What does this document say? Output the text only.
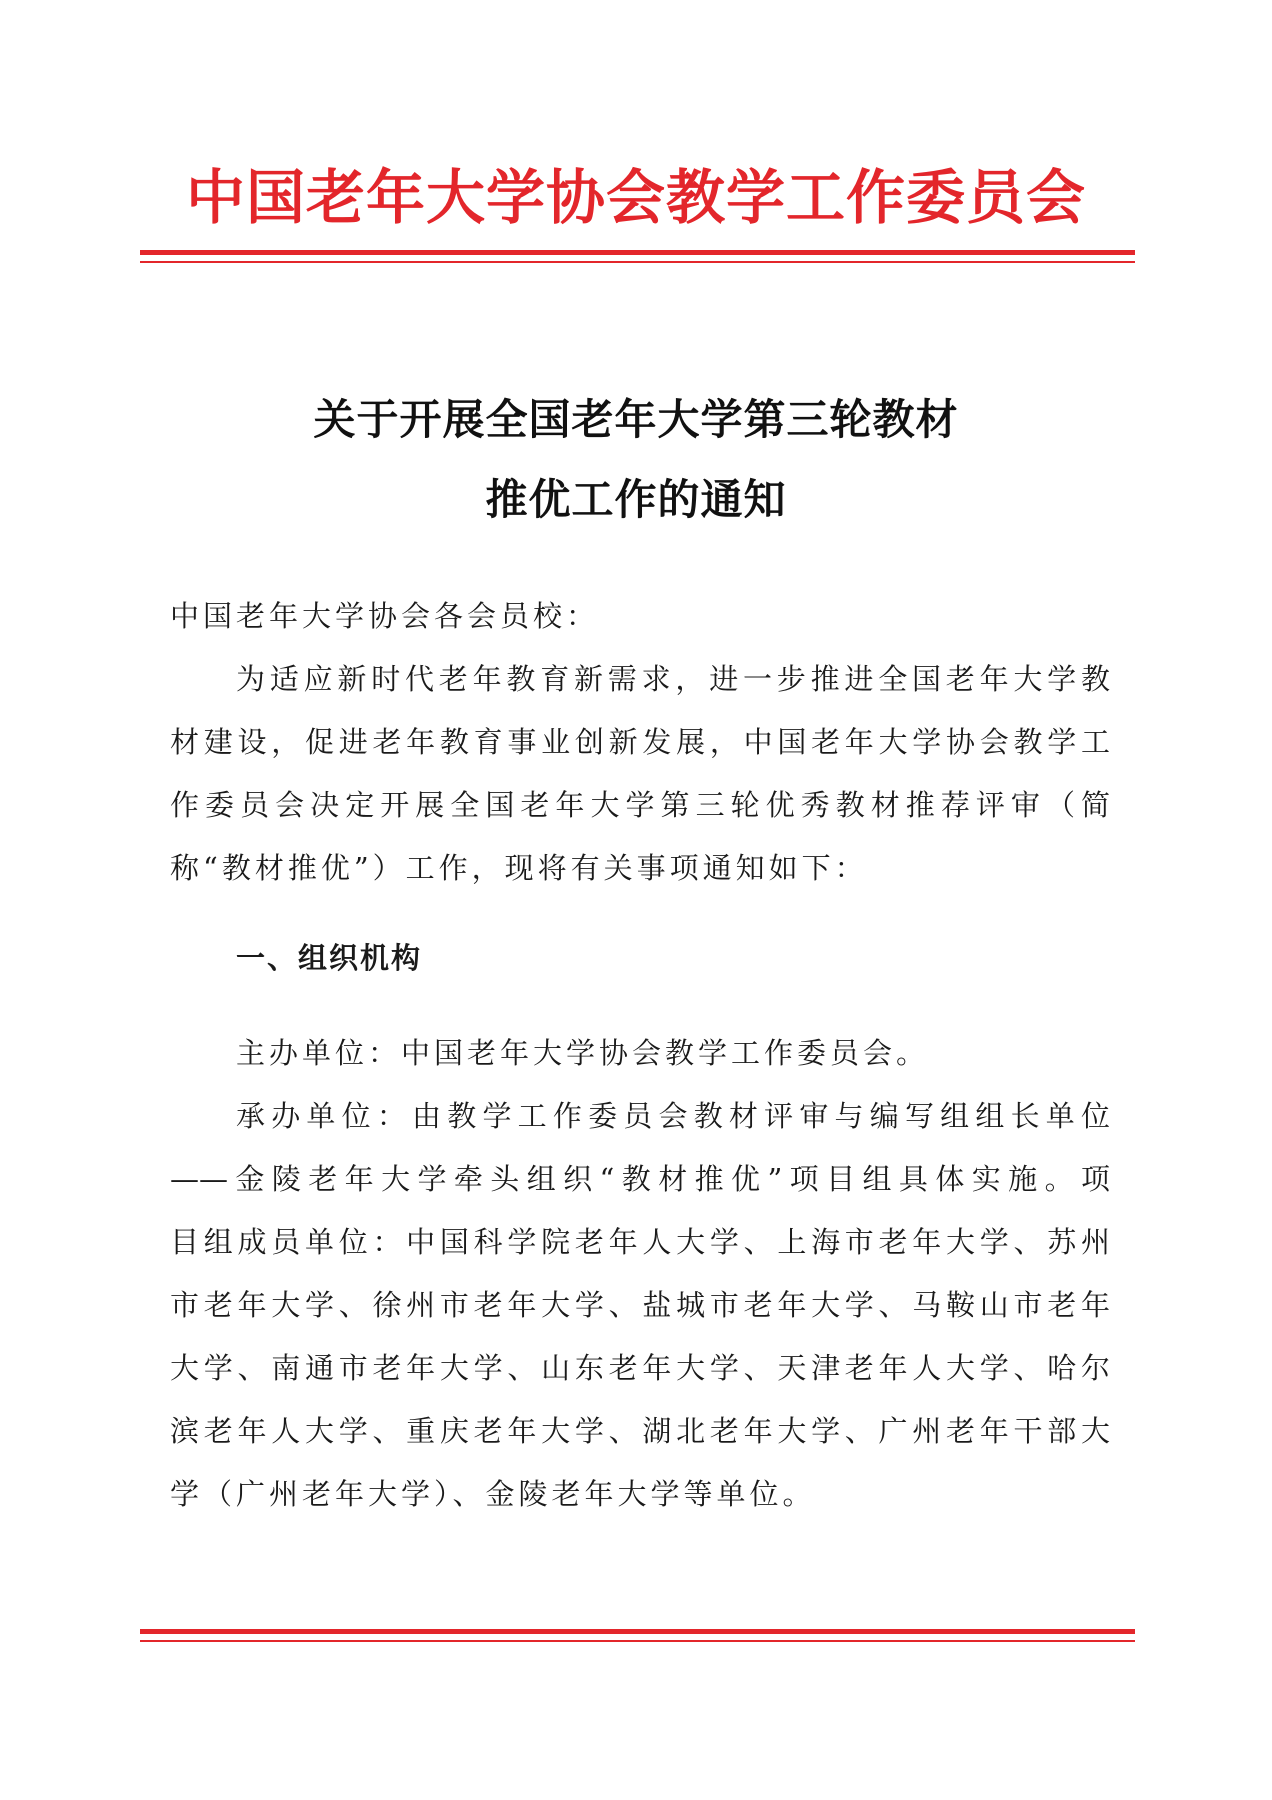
中国老年大学协会教学工作委员会
关于开展全国老年大学第三轮教材
推优工作的通知
中国老年大学协会各会员校：
为适应新时代老年教育新需求，进一步推进全国老年大学教
材建设，促进老年教育事业创新发展，中国老年大学协会教学工
作委员会决定开展全国老年大学第三轮优秀教材推荐评审（简
称“教材推优”）工作，现将有关事项通知如下：
一、组织机构
主办单位：中国老年大学协会教学工作委员会。
承办单位：由教学工作委员会教材评审与编写组组长单位
——金陵老年大学牵头组织“教材推优”项目组具体实施。项
目组成员单位：中国科学院老年人大学、上海市老年大学、苏州
市老年大学、徐州市老年大学、盐城市老年大学、马鞍山市老年
大学、南通市老年大学、山东老年大学、天津老年人大学、哈尔
滨老年人大学、重庆老年大学、湖北老年大学、广州老年干部大
学（广州老年大学）、金陵老年大学等单位。
